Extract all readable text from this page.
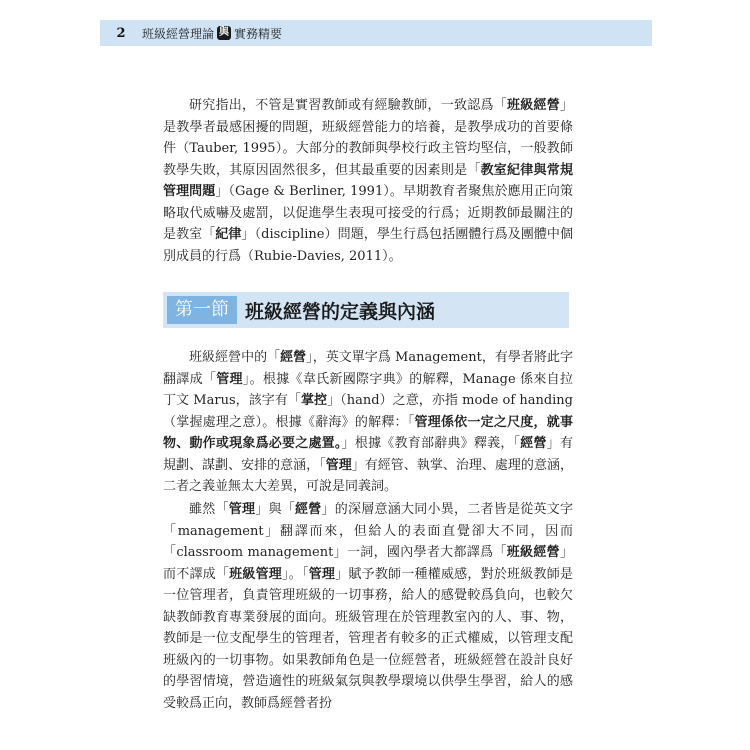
2	班級經營理論 與 實務精要

研究指出，不管是實習教師或有經驗教師，一致認爲「班級經營」是教學者最感困擾的問題，班級經營能力的培養，是教學成功的首要條件（Tauber, 1995）。大部分的教師與學校行政主管均堅信，一般教師教學失敗，其原因固然很多，但其最重要的因素則是「教室紀律與常規管理問題」（Gage & Berliner, 1991）。早期教育者聚焦於應用正向策略取代威嚇及處罰，以促進學生表現可接受的行爲；近期教師最關注的是教室「紀律」（discipline）問題，學生行爲包括團體行爲及團體中個別成員的行爲（Rubie-Davies, 2011）。

第一節 班級經營的定義與內涵

班級經營中的「經營」，英文單字爲 Management，有學者將此字翻譯成「管理」。根據《韋氏新國際字典》的解釋，Manage 係來自拉丁文 Marus，該字有「掌控」（hand）之意，亦指 mode of handing（掌握處理之意）。根據《辭海》的解釋：「管理係依一定之尺度，就事物、動作或現象爲必要之處置。」根據《教育部辭典》釋義，「經營」有規劃、謀劃、安排的意涵，「管理」有經管、執掌、治理、處理的意涵，二者之義並無太大差異，可說是同義詞。

雖然「管理」與「經營」的深層意涵大同小異，二者皆是從英文字「management」翻譯而來，但給人的表面直覺卻大不同，因而「classroom management」一詞，國內學者大都譯爲「班級經營」而不譯成「班級管理」。「管理」賦予教師一種權威感，對於班級教師是一位管理者，負責管理班級的一切事務，給人的感覺較爲負向，也較欠缺教師教育專業發展的面向。班級管理在於管理教室內的人、事、物，教師是一位支配學生的管理者，管理者有較多的正式權威，以管理支配班級內的一切事物。如果教師角色是一位經營者，班級經營在設計良好的學習情境，營造適性的班級氣氛與教學環境以供學生學習，給人的感受較爲正向，教師爲經營者扮
